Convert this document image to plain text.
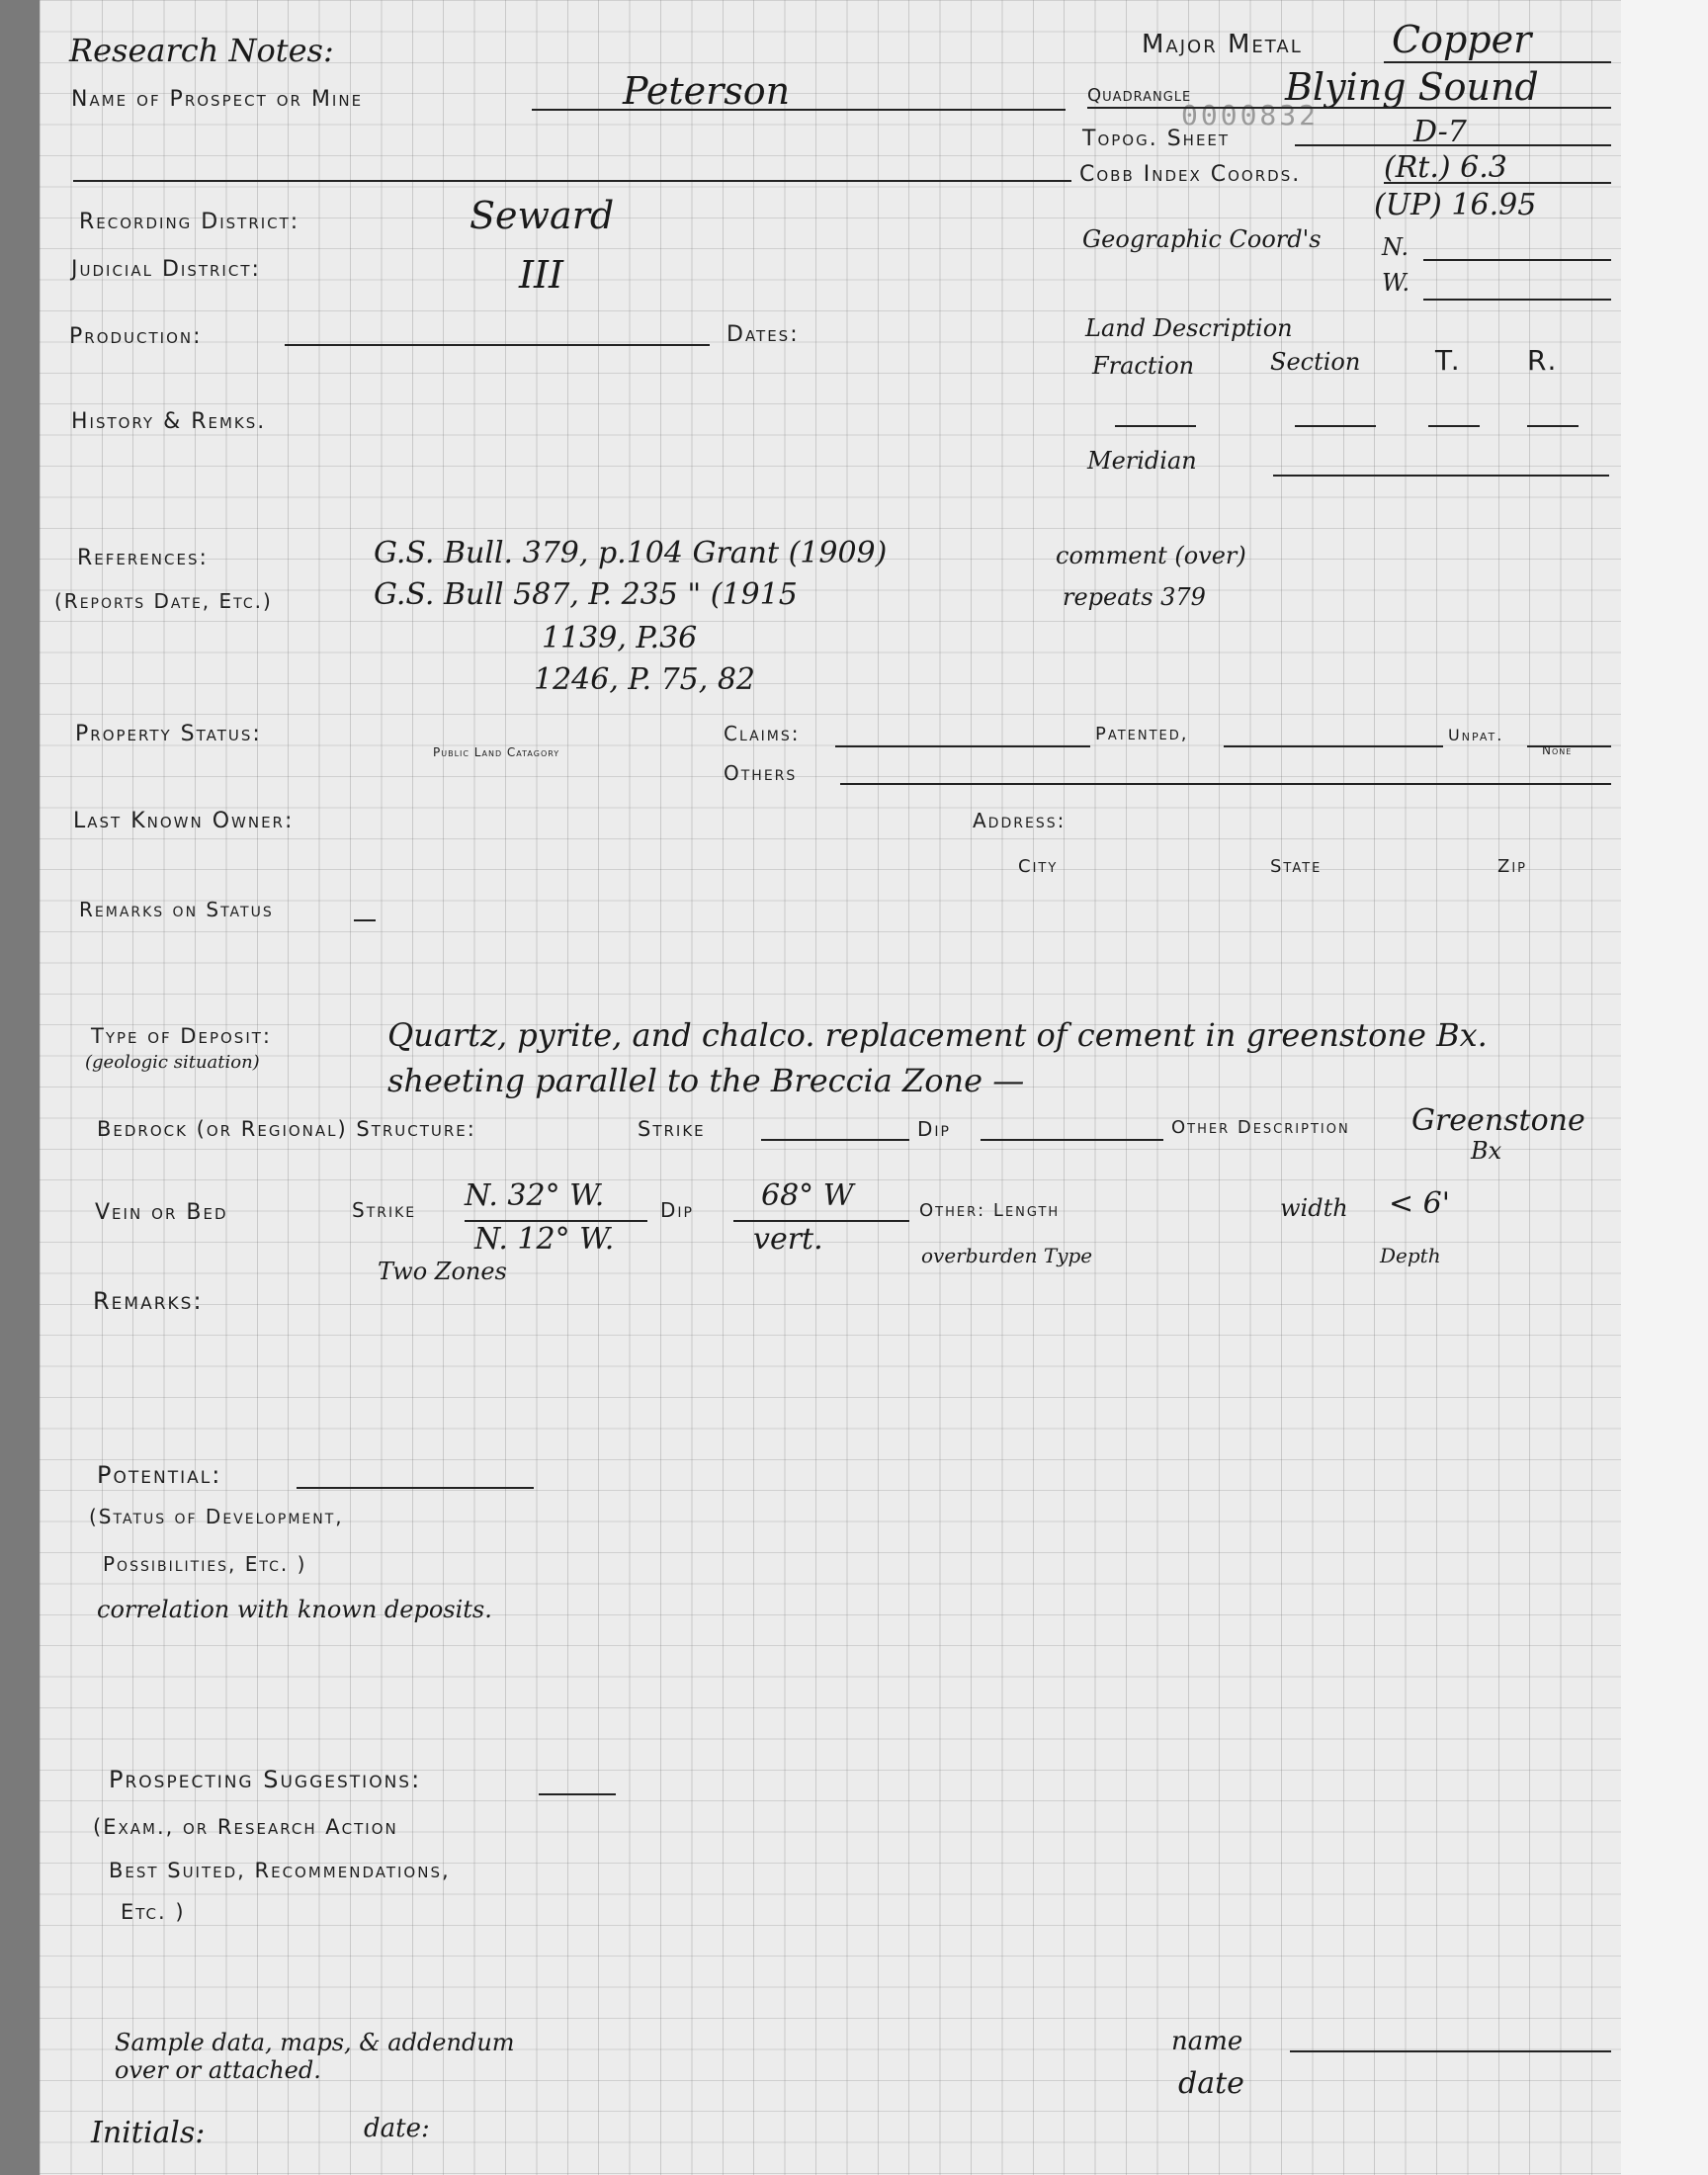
Research Notes:
Name of Prospect or Mine	Peterson
Major Metal Copper
Quadrangle Blying Sound
0000832
Topog. Sheet	D-7
Cobb Index Coords.	(Rt.) 6.3
(UP) 16.95
Geographic Coord's	N.
W.
Land Description
Fraction	Section	T. R.
Meridian
Recording District:	Seward
Judicial District:	III
Production:	Dates:
History & Remks.
References:
(Reports Date, Etc.)
G.S. Bull. 379, p.104 Grant (1909)
G.S. Bull 587, P. 235 " (1915
1139, P.36
1246, P. 75, 82
comment (over)
repeats 379
Property Status:
Public Land Catagory
Claims:	Patented,	Unpat.
None
Others
Last Known Owner:	Address:
City	State	Zip
Remarks on Status
Type of Deposit:
(geologic situation)
Quartz, pyrite, and chalco. replacement of cement in greenstone Bx.
sheeting parallel to the Breccia Zone —
Bedrock (or Regional) Structure:	Strike	Dip	Other Description Greenstone
Bx
Vein or Bed	Strike N. 32° W.
N. 12° W.
Two Zones
Dip 68° W
vert.
Other: Length	width < 6'
overburden Type	Depth
Remarks:
Potential:
(Status of Development,
Possibilities, Etc. )
correlation with known deposits.
Prospecting Suggestions:
(Exam., or Research Action
Best Suited, Recommendations,
Etc. )
Sample data, maps, & addendum
over or attached.
name
date
Initials:	date:
